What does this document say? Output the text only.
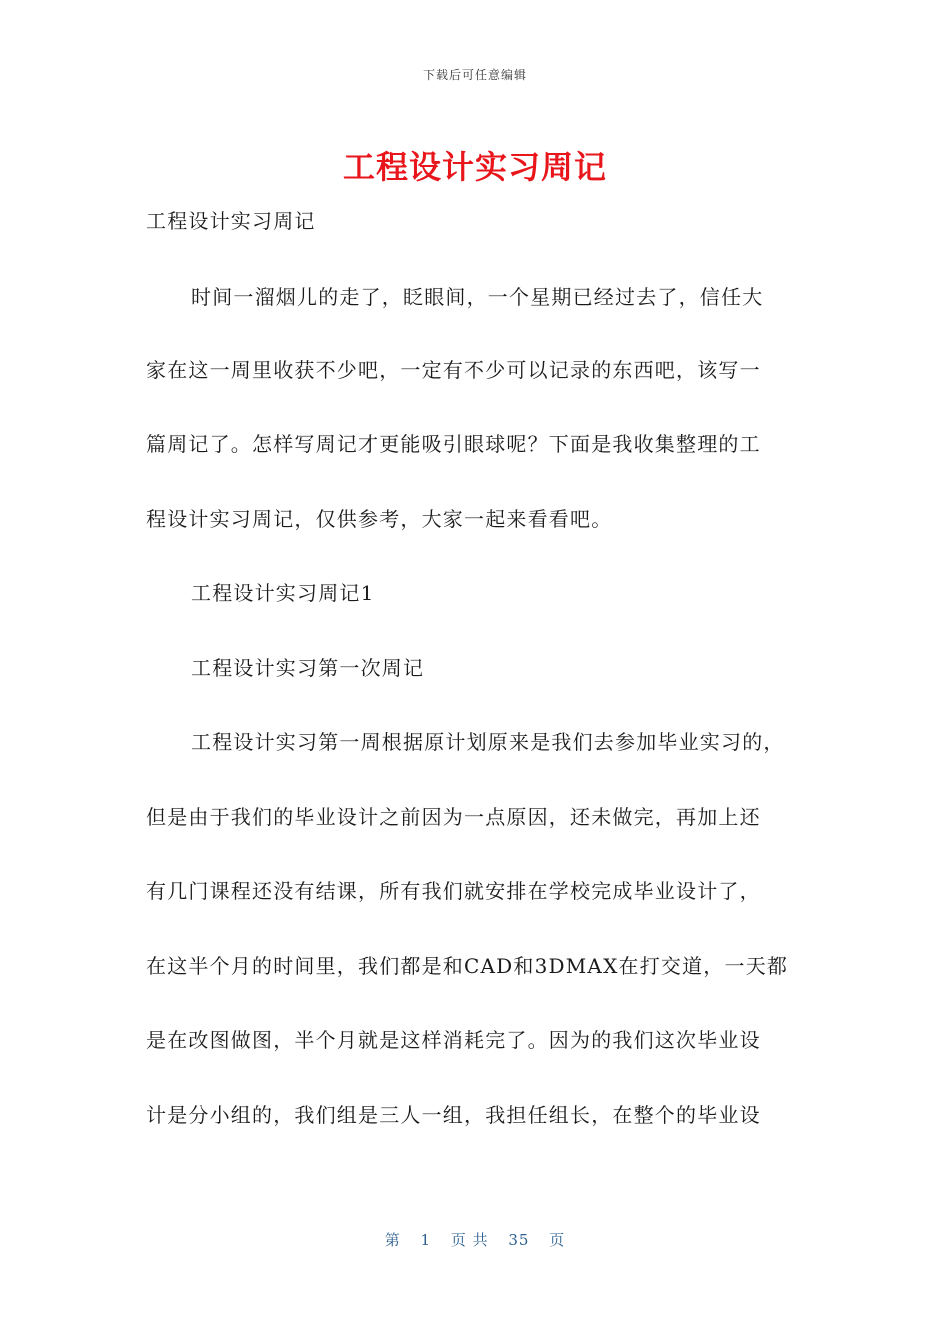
下载后可任意编辑
工程设计实习周记
工程设计实习周记
时间一溜烟儿的走了，眨眼间，一个星期已经过去了，信任大
家在这一周里收获不少吧，一定有不少可以记录的东西吧，该写一
篇周记了。怎样写周记才更能吸引眼球呢？下面是我收集整理的工
程设计实习周记，仅供参考，大家一起来看看吧。
工程设计实习周记1
工程设计实习第一次周记
工程设计实习第一周根据原计划原来是我们去参加毕业实习的，
但是由于我们的毕业设计之前因为一点原因，还未做完，再加上还
有几门课程还没有结课，所有我们就安排在学校完成毕业设计了，
在这半个月的时间里，我们都是和CAD和3DMAX在打交道，一天都
是在改图做图，半个月就是这样消耗完了。因为的我们这次毕业设
计是分小组的，我们组是三人一组，我担任组长，在整个的毕业设
第 1 页 共 35 页
